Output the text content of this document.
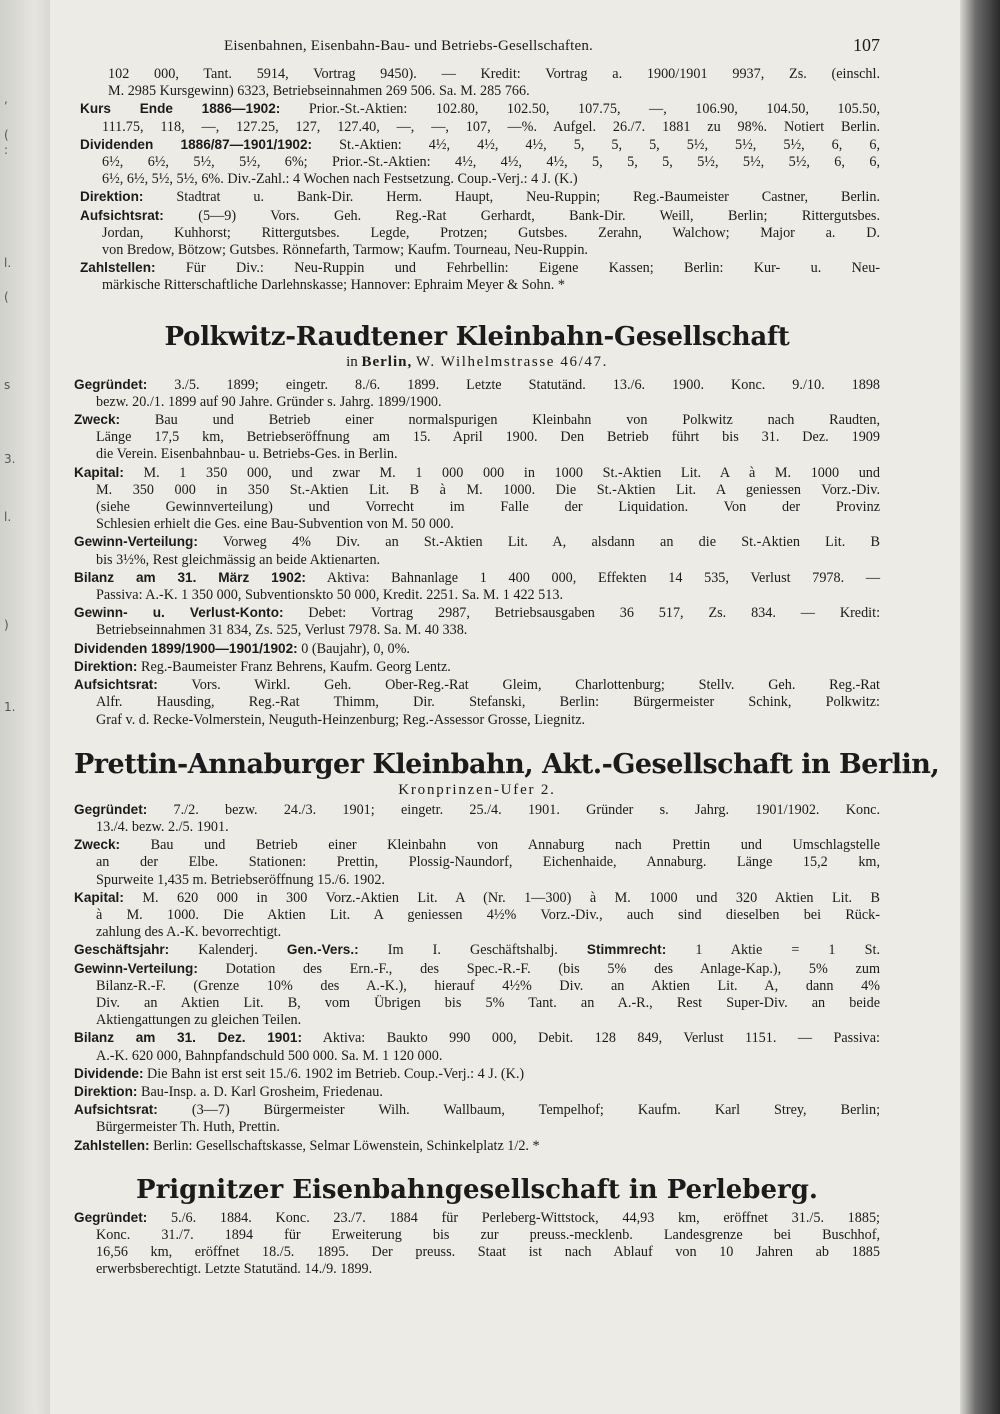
,
(
:
l.
(
s
3.
l.
)
1.
Eisenbahnen, Eisenbahn-Bau- und Betriebs-Gesellschaften.	107
102 000, Tant. 5914, Vortrag 9450). — Kredit: Vortrag a. 1900/1901 9937, Zs. (einschl.
M. 2985 Kursgewinn) 6323, Betriebseinnahmen 269 506. Sa. M. 285 766.
Kurs Ende 1886—1902: Prior.-St.-Aktien: 102.80, 102.50, 107.75, —, 106.90, 104.50, 105.50,
111.75, 118, —, 127.25, 127, 127.40, —, —, 107, —%. Aufgel. 26./7. 1881 zu 98%. Notiert Berlin.
Dividenden 1886/87—1901/1902: St.-Aktien: 4½, 4½, 4½, 5, 5, 5, 5½, 5½, 5½, 6, 6,
6½, 6½, 5½, 5½, 6%; Prior.-St.-Aktien: 4½, 4½, 4½, 5, 5, 5, 5½, 5½, 5½, 6, 6,
6½, 6½, 5½, 5½, 6%. Div.-Zahl.: 4 Wochen nach Festsetzung. Coup.-Verj.: 4 J. (K.)
Direktion: Stadtrat u. Bank-Dir. Herm. Haupt, Neu-Ruppin; Reg.-Baumeister Castner, Berlin.
Aufsichtsrat: (5—9) Vors. Geh. Reg.-Rat Gerhardt, Bank-Dir. Weill, Berlin; Rittergutsbes.
Jordan, Kuhhorst; Rittergutsbes. Legde, Protzen; Gutsbes. Zerahn, Walchow; Major a. D.
von Bredow, Bötzow; Gutsbes. Rönnefarth, Tarmow; Kaufm. Tourneau, Neu-Ruppin.
Zahlstellen: Für Div.: Neu-Ruppin und Fehrbellin: Eigene Kassen; Berlin: Kur- u. Neu-
märkische Ritterschaftliche Darlehnskasse; Hannover: Ephraim Meyer & Sohn. *
Polkwitz-Raudtener Kleinbahn-Gesellschaft
in Berlin, W. Wilhelmstrasse 46/47.
Gegründet: 3./5. 1899; eingetr. 8./6. 1899. Letzte Statutänd. 13./6. 1900. Konc. 9./10. 1898
bezw. 20./1. 1899 auf 90 Jahre. Gründer s. Jahrg. 1899/1900.
Zweck: Bau und Betrieb einer normalspurigen Kleinbahn von Polkwitz nach Raudten,
Länge 17,5 km, Betriebseröffnung am 15. April 1900. Den Betrieb führt bis 31. Dez. 1909
die Verein. Eisenbahnbau- u. Betriebs-Ges. in Berlin.
Kapital: M. 1 350 000, und zwar M. 1 000 000 in 1000 St.-Aktien Lit. A à M. 1000 und
M. 350 000 in 350 St.-Aktien Lit. B à M. 1000. Die St.-Aktien Lit. A geniessen Vorz.-Div.
(siehe Gewinnverteilung) und Vorrecht im Falle der Liquidation. Von der Provinz
Schlesien erhielt die Ges. eine Bau-Subvention von M. 50 000.
Gewinn-Verteilung: Vorweg 4% Div. an St.-Aktien Lit. A, alsdann an die St.-Aktien Lit. B
bis 3½%, Rest gleichmässig an beide Aktienarten.
Bilanz am 31. März 1902: Aktiva: Bahnanlage 1 400 000, Effekten 14 535, Verlust 7978. —
Passiva: A.-K. 1 350 000, Subventionskto 50 000, Kredit. 2251. Sa. M. 1 422 513.
Gewinn- u. Verlust-Konto: Debet: Vortrag 2987, Betriebsausgaben 36 517, Zs. 834. — Kredit:
Betriebseinnahmen 31 834, Zs. 525, Verlust 7978. Sa. M. 40 338.
Dividenden 1899/1900—1901/1902: 0 (Baujahr), 0, 0%.
Direktion: Reg.-Baumeister Franz Behrens, Kaufm. Georg Lentz.
Aufsichtsrat: Vors. Wirkl. Geh. Ober-Reg.-Rat Gleim, Charlottenburg; Stellv. Geh. Reg.-Rat
Alfr. Hausding, Reg.-Rat Thimm, Dir. Stefanski, Berlin: Bürgermeister Schink, Polkwitz:
Graf v. d. Recke-Volmerstein, Neuguth-Heinzenburg; Reg.-Assessor Grosse, Liegnitz.
Prettin-Annaburger Kleinbahn, Akt.-Gesellschaft in Berlin,
Kronprinzen-Ufer 2.
Gegründet: 7./2. bezw. 24./3. 1901; eingetr. 25./4. 1901. Gründer s. Jahrg. 1901/1902. Konc.
13./4. bezw. 2./5. 1901.
Zweck: Bau und Betrieb einer Kleinbahn von Annaburg nach Prettin und Umschlagstelle
an der Elbe. Stationen: Prettin, Plossig-Naundorf, Eichenhaide, Annaburg. Länge 15,2 km,
Spurweite 1,435 m. Betriebseröffnung 15./6. 1902.
Kapital: M. 620 000 in 300 Vorz.-Aktien Lit. A (Nr. 1—300) à M. 1000 und 320 Aktien Lit. B
à M. 1000. Die Aktien Lit. A geniessen 4½% Vorz.-Div., auch sind dieselben bei Rück-
zahlung des A.-K. bevorrechtigt.
Geschäftsjahr: Kalenderj. Gen.-Vers.: Im I. Geschäftshalbj. Stimmrecht: 1 Aktie = 1 St.
Gewinn-Verteilung: Dotation des Ern.-F., des Spec.-R.-F. (bis 5% des Anlage-Kap.), 5% zum
Bilanz-R.-F. (Grenze 10% des A.-K.), hierauf 4½% Div. an Aktien Lit. A, dann 4%
Div. an Aktien Lit. B, vom Übrigen bis 5% Tant. an A.-R., Rest Super-Div. an beide
Aktiengattungen zu gleichen Teilen.
Bilanz am 31. Dez. 1901: Aktiva: Baukto 990 000, Debit. 128 849, Verlust 1151. — Passiva:
A.-K. 620 000, Bahnpfandschuld 500 000. Sa. M. 1 120 000.
Dividende: Die Bahn ist erst seit 15./6. 1902 im Betrieb. Coup.-Verj.: 4 J. (K.)
Direktion: Bau-Insp. a. D. Karl Grosheim, Friedenau.
Aufsichtsrat: (3—7) Bürgermeister Wilh. Wallbaum, Tempelhof; Kaufm. Karl Strey, Berlin;
Bürgermeister Th. Huth, Prettin.
Zahlstellen: Berlin: Gesellschaftskasse, Selmar Löwenstein, Schinkelplatz 1/2. *
Prignitzer Eisenbahngesellschaft in Perleberg.
Gegründet: 5./6. 1884. Konc. 23./7. 1884 für Perleberg-Wittstock, 44,93 km, eröffnet 31./5. 1885;
Konc. 31./7. 1894 für Erweiterung bis zur preuss.-mecklenb. Landesgrenze bei Buschhof,
16,56 km, eröffnet 18./5. 1895. Der preuss. Staat ist nach Ablauf von 10 Jahren ab 1885
erwerbsberechtigt. Letzte Statutänd. 14./9. 1899.
